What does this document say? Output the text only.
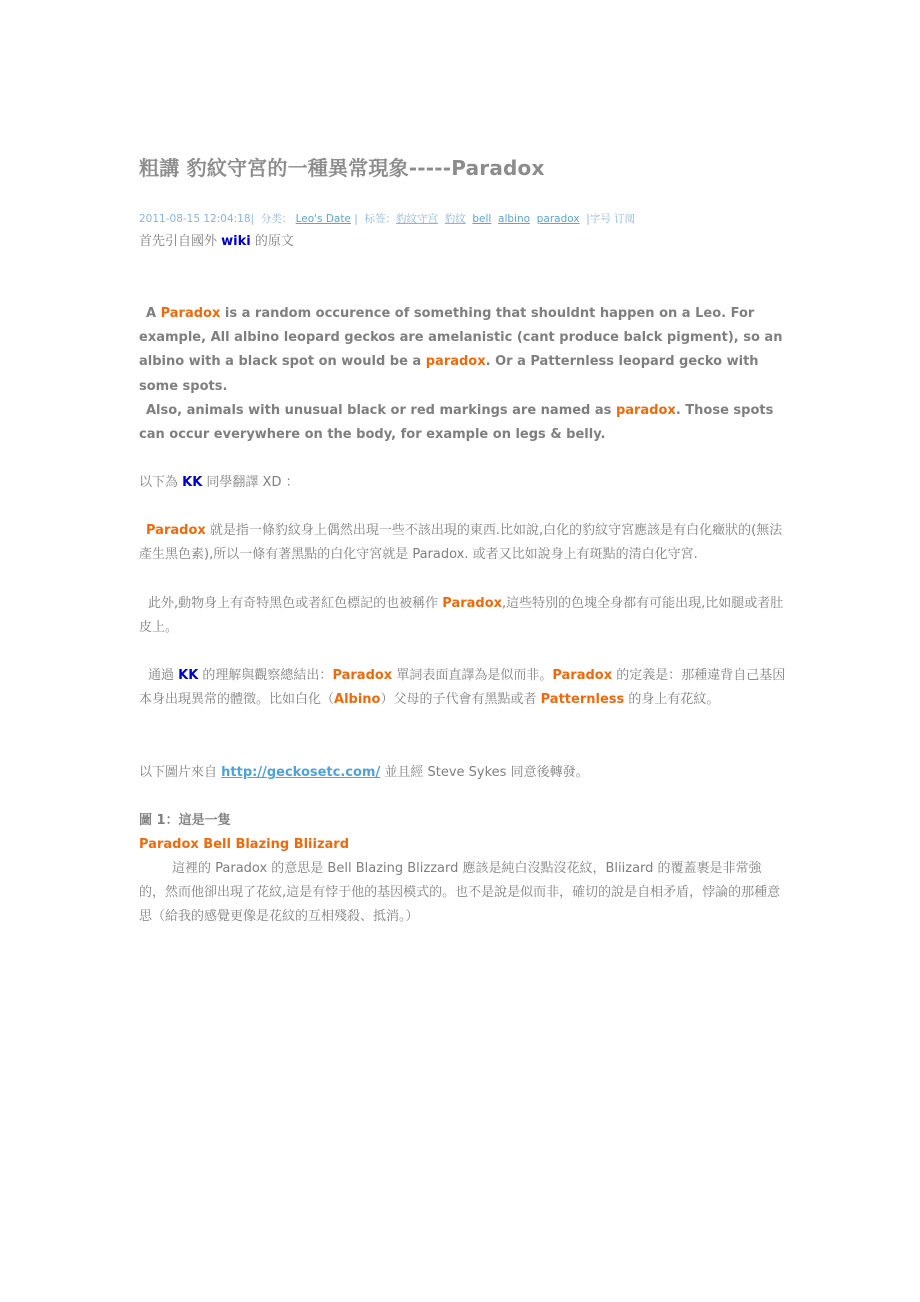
粗講 豹紋守宮的一種異常現象-----Paradox
2011-08-15 12:04:18|  分类： Leo's Date |  标签：豹纹守宫 豹纹 bell albino paradox |字号 订阅
首先引自國外 wiki 的原文
A Paradox is a random occurence of something that shouldnt happen on a Leo. For example, All albino leopard geckos are amelanistic (cant produce balck pigment), so an albino with a black spot on would be a paradox. Or a Patternless leopard gecko with some spots.
Also, animals with unusual black or red markings are named as paradox. Those spots can occur everywhere on the body, for example on legs & belly.
以下為 KK 同學翻譯 XD ：
Paradox 就是指一條豹紋身上偶然出現一些不該出現的東西.比如說,白化的豹紋守宮應該是有白化癥狀的(無法產生黑色素),所以一條有著黑點的白化守宮就是 Paradox. 或者又比如說身上有斑點的清白化守宮.
此外,動物身上有奇特黑色或者紅色標記的也被稱作 Paradox,這些特別的色塊全身都有可能出現,比如腿或者肚皮上。
通過 KK 的理解與觀察總結出：Paradox 單詞表面直譯為是似而非。Paradox 的定義是：那種違背自己基因本身出現異常的體徵。比如白化（Albino）父母的子代會有黑點或者 Patternless 的身上有花紋。
以下圖片來自 http://geckosetc.com/ 並且經 Steve Sykes 同意後轉發。
圖 1：這是一隻
Paradox Bell Blazing Bliizard
這裡的 Paradox 的意思是 Bell Blazing Blizzard 應該是純白沒點沒花紋，Bliizard 的覆蓋裹是非常強的，然而他卻出現了花紋,這是有悖于他的基因模式的。也不是說是似而非，確切的說是自相矛盾，悖論的那種意思（給我的感覺更像是花紋的互相殘殺、抵消。）
